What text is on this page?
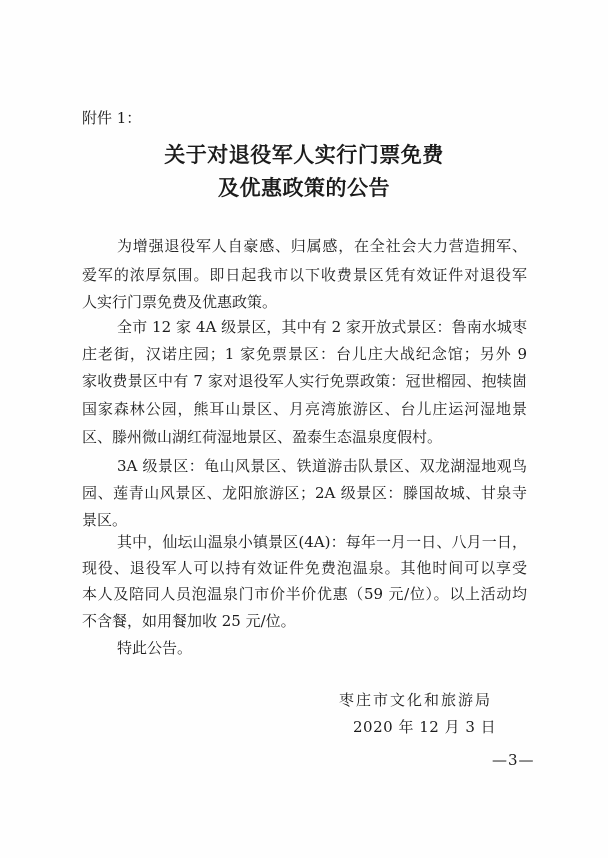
附件 1：
关于对退役军人实行门票免费
及优惠政策的公告
为增强退役军人自豪感、归属感，在全社会大力营造拥军、
爱军的浓厚氛围。即日起我市以下收费景区凭有效证件对退役军
人实行门票免费及优惠政策。
全市 12 家 4A 级景区，其中有 2 家开放式景区：鲁南水城枣
庄老街，汉诺庄园；1 家免票景区：台儿庄大战纪念馆；另外 9
家收费景区中有 7 家对退役军人实行免票政策：冠世榴园、抱犊崮
国家森林公园，熊耳山景区、月亮湾旅游区、台儿庄运河湿地景
区、滕州微山湖红荷湿地景区、盈泰生态温泉度假村。
3A 级景区：龟山风景区、铁道游击队景区、双龙湖湿地观鸟
园、莲青山风景区、龙阳旅游区；2A 级景区：滕国故城、甘泉寺
景区。
其中，仙坛山温泉小镇景区(4A)：每年一月一日、八月一日，
现役、退役军人可以持有效证件免费泡温泉。其他时间可以享受
本人及陪同人员泡温泉门市价半价优惠（59 元/位）。以上活动均
不含餐，如用餐加收 25 元/位。
特此公告。
枣庄市文化和旅游局
2020 年 12 月 3 日
—3—
